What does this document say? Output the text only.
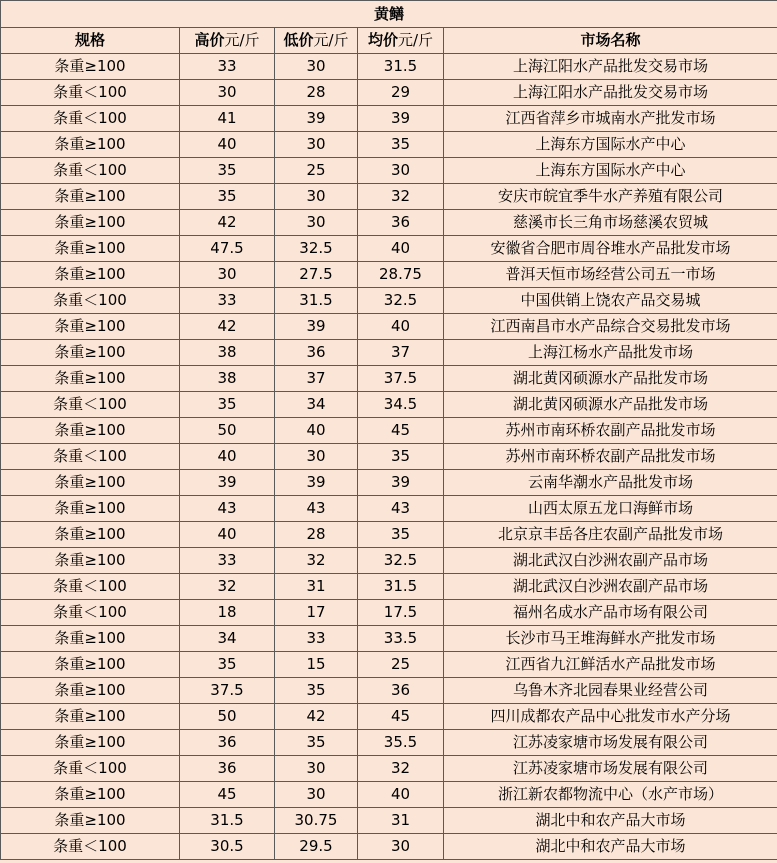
黄鳝				
规格	高价元/斤	低价元/斤	均价元/斤	市场名称
条重≥100	33	30	31.5	上海江阳水产品批发交易市场
条重＜100	30	28	29	上海江阳水产品批发交易市场
条重＜100	41	39	39	江西省萍乡市城南水产批发市场
条重≥100	40	30	35	上海东方国际水产中心
条重＜100	35	25	30	上海东方国际水产中心
条重≥100	35	30	32	安庆市皖宜季牛水产养殖有限公司
条重≥100	42	30	36	慈溪市长三角市场慈溪农贸城
条重≥100	47.5	32.5	40	安徽省合肥市周谷堆水产品批发市场
条重≥100	30	27.5	28.75	普洱天恒市场经营公司五一市场
条重＜100	33	31.5	32.5	中国供销上饶农产品交易城
条重≥100	42	39	40	江西南昌市水产品综合交易批发市场
条重≥100	38	36	37	上海江杨水产品批发市场
条重≥100	38	37	37.5	湖北黄冈硕源水产品批发市场
条重＜100	35	34	34.5	湖北黄冈硕源水产品批发市场
条重≥100	50	40	45	苏州市南环桥农副产品批发市场
条重＜100	40	30	35	苏州市南环桥农副产品批发市场
条重≥100	39	39	39	云南华潮水产品批发市场
条重≥100	43	43	43	山西太原五龙口海鲜市场
条重≥100	40	28	35	北京京丰岳各庄农副产品批发市场
条重≥100	33	32	32.5	湖北武汉白沙洲农副产品市场
条重＜100	32	31	31.5	湖北武汉白沙洲农副产品市场
条重＜100	18	17	17.5	福州名成水产品市场有限公司
条重≥100	34	33	33.5	长沙市马王堆海鲜水产批发市场
条重≥100	35	15	25	江西省九江鲜活水产品批发市场
条重≥100	37.5	35	36	乌鲁木齐北园春果业经营公司
条重≥100	50	42	45	四川成都农产品中心批发市水产分场
条重≥100	36	35	35.5	江苏凌家塘市场发展有限公司
条重＜100	36	30	32	江苏凌家塘市场发展有限公司
条重≥100	45	30	40	浙江新农都物流中心（水产市场）
条重≥100	31.5	30.75	31	湖北中和农产品大市场
条重＜100	30.5	29.5	30	湖北中和农产品大市场
